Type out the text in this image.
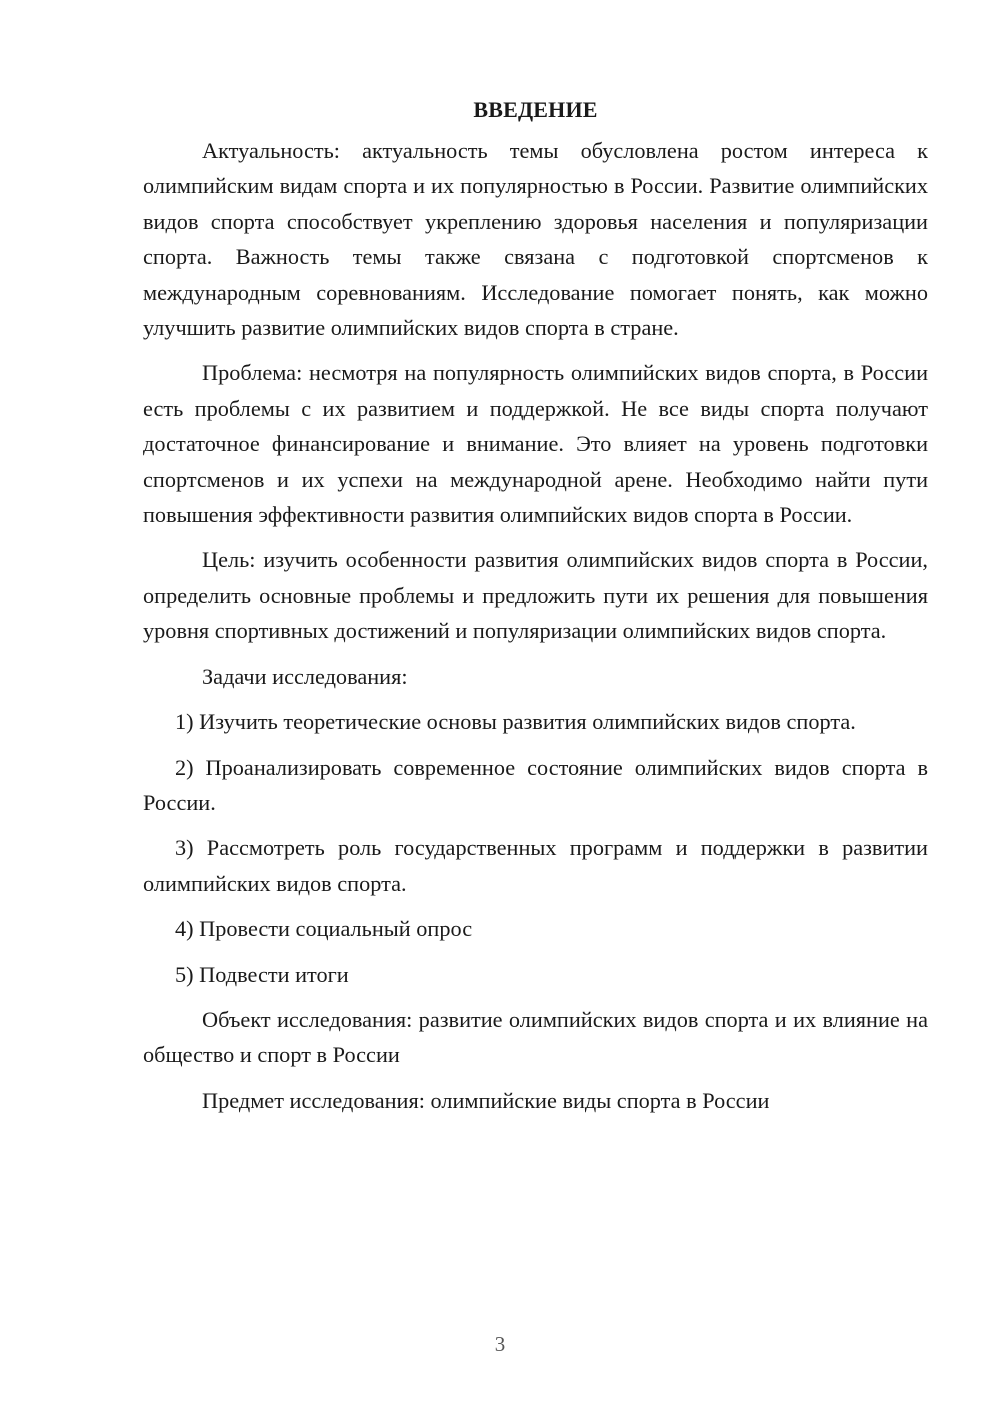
ВВЕДЕНИЕ

Актуальность: актуальность темы обусловлена ростом интереса к олимпийским видам спорта и их популярностью в России. Развитие олимпийских видов спорта способствует укреплению здоровья населения и популяризации спорта. Важность темы также связана с подготовкой спортсменов к международным соревнованиям. Исследование помогает понять, как можно улучшить развитие олимпийских видов спорта в стране.

Проблема: несмотря на популярность олимпийских видов спорта, в России есть проблемы с их развитием и поддержкой. Не все виды спорта получают достаточное финансирование и внимание. Это влияет на уровень подготовки спортсменов и их успехи на международной арене. Необходимо найти пути повышения эффективности развития олимпийских видов спорта в России.

Цель: изучить особенности развития олимпийских видов спорта в России, определить основные проблемы и предложить пути их решения для повышения уровня спортивных достижений и популяризации олимпийских видов спорта.

Задачи исследования:

1) Изучить теоретические основы развития олимпийских видов спорта.

2) Проанализировать современное состояние олимпийских видов спорта в России.

3) Рассмотреть роль государственных программ и поддержки в развитии олимпийских видов спорта.

4) Провести социальный опрос

5) Подвести итоги

Объект исследования: развитие олимпийских видов спорта и их влияние на общество и спорт в России

Предмет исследования: олимпийские виды спорта в России

3
